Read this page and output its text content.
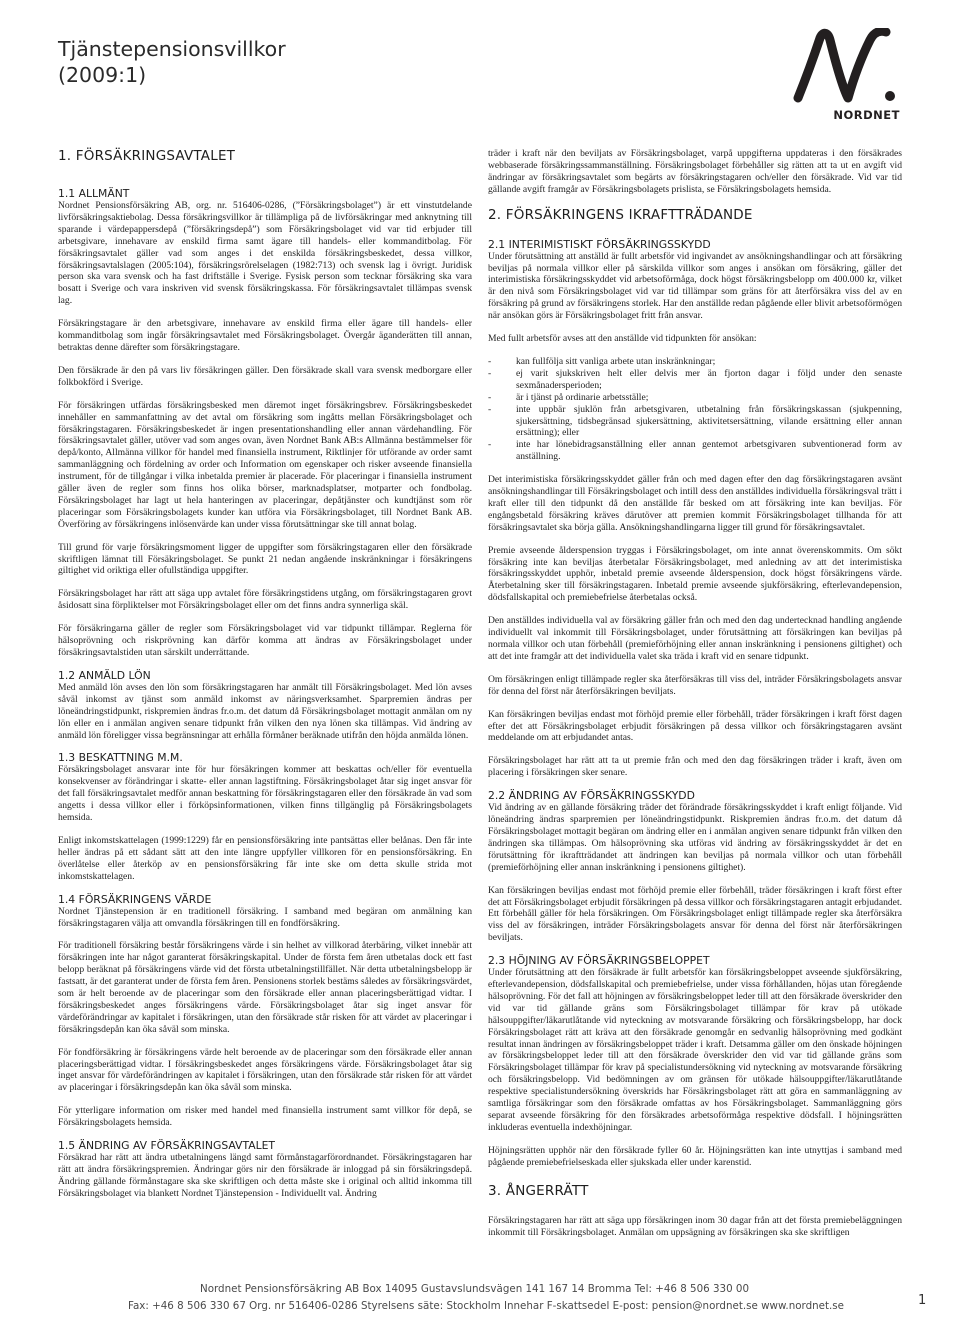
Tjänstepensionsvillkor
(2009:1)
NORDNET
1. FÖRSÄKRINGSAVTALET
1.1 ALLMÄNT

Nordnet Pensionsförsäkring AB, org. nr. 516406-0286, (”Försäkringsbolaget”) är ett vinstutdelande livförsäkringsaktiebolag. Dessa försäkringsvillkor är tillämpliga på de livförsäkringar med anknytning till sparande i värdepappersdepå (”försäkringsdepå”) som Försäkringsbolaget vid var tid erbjuder till arbetsgivare, innehavare av enskild firma samt ägare till handels- eller kommanditbolag. För försäkringsavtalet gäller vad som anges i det enskilda försäkringsbeskedet, dessa villkor, försäkringsavtalslagen (2005:104), försäkringsrörelselagen (1982:713) och svensk lag i övrigt. Juridisk person ska vara svensk och ha fast driftställe i Sverige. Fysisk person som tecknar försäkring ska vara bosatt i Sverige och vara inskriven vid svensk försäkringskassa. För försäkringsavtalet tillämpas svensk lag.

Försäkringstagare är den arbetsgivare, innehavare av enskild firma eller ägare till handels- eller kommanditbolag som ingår försäkringsavtalet med Försäkringsbolaget. Övergår äganderätten till annan, betraktas denne därefter som försäkringstagare.

Den försäkrade är den på vars liv försäkringen gäller. Den försäkrade skall vara svensk medborgare eller folkbokförd i Sverige.

För försäkringen utfärdas försäkringsbesked men däremot inget försäkringsbrev. Försäkringsbeskedet innehåller en sammanfattning av det avtal om försäkring som ingåtts mellan Försäkringsbolaget och försäkringstagaren. Försäkringsbeskedet är ingen presentationshandling eller annan värdehandling. För försäkringsavtalet gäller, utöver vad som anges ovan, även Nordnet Bank AB:s Allmänna bestämmelser för depå/konto, Allmänna villkor för handel med finansiella instrument, Riktlinjer för utförande av order samt sammanläggning och fördelning av order och Information om egenskaper och risker avseende finansiella instrument, för de tillgångar i vilka inbetalda premier är placerade. För placeringar i finansiella instrument gäller även de regler som finns hos olika börser, marknadsplatser, motparter och fondbolag. Försäkringsbolaget har lagt ut hela hanteringen av placeringar, depåtjänster och kundtjänst som rör placeringar som Försäkringsbolagets kunder kan utföra via Försäkringsbolaget, till Nordnet Bank AB. Överföring av försäkringens inlösenvärde kan under vissa förutsättningar ske till annat bolag.

Till grund för varje försäkringsmoment ligger de uppgifter som försäkringstagaren eller den försäkrade skriftligen lämnat till Försäkringsbolaget. Se punkt 21 nedan angående inskränkningar i försäkringens giltighet vid oriktiga eller ofullständiga uppgifter.

Försäkringsbolaget har rätt att säga upp avtalet före försäkringstidens utgång, om försäkringstagaren grovt åsidosatt sina förpliktelser mot Försäkringsbolaget eller om det finns andra synnerliga skäl.

För försäkringarna gäller de regler som Försäkringsbolaget vid var tidpunkt tillämpar. Reglerna för hälsoprövning och riskprövning kan därför komma att ändras av Försäkringsbolaget under försäkringsavtalstiden utan särskilt underrättande.

1.2 ANMÄLD LÖN

Med anmäld lön avses den lön som försäkringstagaren har anmält till Försäkringsbolaget. Med lön avses såväl inkomst av tjänst som anmäld inkomst av näringsverksamhet. Sparpremien ändras per löneändringstidpunkt, riskpremien ändras fr.o.m. det datum då Försäkringsbolaget mottagit anmälan om ny lön eller en i anmälan angiven senare tidpunkt från vilken den nya lönen ska tillämpas. Vid ändring av anmäld lön föreligger vissa begränsningar att erhålla förmåner beräknade utifrån den höjda anmälda lönen.

1.3 BESKATTNING M.M.

Försäkringsbolaget ansvarar inte för hur försäkringen kommer att beskattas och/eller för eventuella konsekvenser av förändringar i skatte- eller annan lagstiftning. Försäkringsbolaget åtar sig inget ansvar för det fall försäkringsavtalet medför annan beskattning för försäkringstagaren eller den försäkrade än vad som angetts i dessa villkor eller i förköpsinformationen, vilken finns tillgänglig på Försäkringsbolagets hemsida.

Enligt inkomstskattelagen (1999:1229) får en pensionsförsäkring inte pantsättas eller belånas. Den får inte heller ändras på ett sådant sätt att den inte längre uppfyller villkoren för en pensionsförsäkring. En överlåtelse eller återköp av en pensionsförsäkring får inte ske om detta skulle strida mot inkomstskattelagen.

1.4 FÖRSÄKRINGENS VÄRDE

Nordnet Tjänstepension är en traditionell försäkring. I samband med begäran om anmälning kan försäkringstagaren välja att omvandla försäkringen till en fondförsäkring.

För traditionell försäkring består försäkringens värde i sin helhet av villkorad återbäring, vilket innebär att försäkringen inte har något garanterat försäkringskapital. Under de första fem åren utbetalas dock ett fast belopp beräknat på försäkringens värde vid det första utbetalningstillfället. När detta utbetalningsbelopp är fastsatt, är det garanterat under de första fem åren. Pensionens storlek bestäms således av försäkringsvärdet, som är helt beroende av de placeringar som den försäkrade eller annan placeringsberättigad vidtar. I försäkringsbeskedet anges försäkringens värde. Försäkringsbolaget åtar sig inget ansvar för värdeförändringar av kapitalet i försäkringen, utan den försäkrade står risken för att värdet av placeringar i försäkringsdepån kan öka såväl som minska.

För fondförsäkring är försäkringens värde helt beroende av de placeringar som den försäkrade eller annan placeringsberättigad vidtar. I försäkringsbeskedet anges försäkringens värde. Försäkringsbolaget åtar sig inget ansvar för värdeförändringen av kapitalet i försäkringen, utan den försäkrade står risken för att värdet av placeringar i försäkringsdepån kan öka såväl som minska.

För ytterligare information om risker med handel med finansiella instrument samt villkor för depå, se Försäkringsbolagets hemsida.

1.5 ÄNDRING AV FÖRSÄKRINGSAVTALET

Försäkrad har rätt att ändra utbetalningens längd samt förmånstagarförordnandet. Försäkringstagaren har rätt att ändra försäkringspremien. Ändringar görs nir den försäkrade är inloggad på sin försäkringsdepå. Ändring gällande förmånstagare ska ske skriftligen och detta måste ske i original och alltid inkomma till Försäkringsbolaget via blankett Nordnet Tjänstepension - Individuellt val. Ändring

träder i kraft när den beviljats av Försäkringsbolaget, varpå uppgifterna uppdateras i den försäkrades webbaserade försäkringssammanställning. Försäkringsbolaget förbehåller sig rätten att ta ut en avgift vid ändringar av försäkringsavtalet som begärts av försäkringstagaren och/eller den försäkrade. Vid var tid gällande avgift framgår av Försäkringsbolagets prislista, se Försäkringsbolagets hemsida.

2. FÖRSÄKRINGENS IKRAFTTRÄDANDE
2.1 INTERIMISTISKT FÖRSÄKRINGSSKYDD

Under förutsättning att anställd är fullt arbetsför vid ingivandet av ansökningshandlingar och att försäkring beviljas på normala villkor eller på särskilda villkor som anges i ansökan om försäkring, gäller det interimistiska försäkringsskyddet vid arbetsoförmåga, dock högst försäkringsbelopp om 400.000 kr, vilket är den nivå som Försäkringsbolaget vid var tid tillämpar som gräns för att återförsäkra viss del av en försäkring på grund av försäkringens storlek. Har den anställde redan pågående eller blivit arbetsoförmögen när ansökan görs är Försäkringsbolaget fritt från ansvar.

Med fullt arbetsför avses att den anställde vid tidpunkten för ansökan:

- kan fullfölja sitt vanliga arbete utan inskränkningar;
- ej varit sjukskriven helt eller delvis mer än fjorton dagar i följd under den senaste sexmånadersperioden;
- är i tjänst på ordinarie arbetsställe;
- inte uppbär sjuklön från arbetsgivaren, utbetalning från försäkringskassan (sjukpenning, sjukersättning, tidsbegränsad sjukersättning, aktivitetsersättning, vilande ersättning eller annan ersättning); eller
- inte har lönebidragsanställning eller annan gentemot arbetsgivaren subventionerad form av anställning.

Det interimistiska försäkringsskyddet gäller från och med dagen efter den dag försäkringstagaren avsänt ansökningshandlingar till Försäkringsbolaget och intill dess den anställdes individuella försäkringsval trätt i kraft eller till den tidpunkt då den anställde får besked om att försäkring inte kan beviljas. För engångsbetald försäkring kräves därutöver att premien kommit Försäkringsbolaget tillhanda för att försäkringsavtalet ska börja gälla. Ansökningshandlingarna ligger till grund för försäkringsavtalet.

Premie avseende ålderspension tryggas i Försäkringsbolaget, om inte annat överenskommits. Om sökt försäkring inte kan beviljas återbetalar Försäkringsbolaget, med anledning av att det interimistiska försäkringsskyddet upphör, inbetald premie avseende ålderspension, dock högst försäkringens värde. Återbetalning sker till försäkringstagaren. Inbetald premie avseende sjukförsäkring, efterlevandepension, dödsfallskapital och premiebefrielse återbetalas också.

Den anställdes individuella val av försäkring gäller från och med den dag undertecknad handling angående individuellt val inkommit till Försäkringsbolaget, under förutsättning att försäkringen kan beviljas på normala villkor och utan förbehåll (premieförhöjning eller annan inskränkning i pensionens giltighet) och att det inte framgår att det individuella valet ska träda i kraft vid en senare tidpunkt.

Om försäkringen enligt tillämpade regler ska återförsäkras till viss del, inträder Försäkringsbolagets ansvar för denna del först när återförsäkringen beviljats.

Kan försäkringen beviljas endast mot förhöjd premie eller förbehåll, träder försäkringen i kraft först dagen efter det att Försäkringsbolaget erbjudit försäkringen på dessa villkor och försäkringstagaren avsänt meddelande om att erbjudandet antas.

Försäkringsbolaget har rätt att ta ut premie från och med den dag försäkringen träder i kraft, även om placering i försäkringen sker senare.

2.2 ÄNDRING AV FÖRSÄKRINGSSKYDD

Vid ändring av en gällande försäkring träder det förändrade försäkringsskyddet i kraft enligt följande. Vid löneändring ändras sparpremien per löneändringstidpunkt. Riskpremien ändras fr.o.m. det datum då Försäkringsbolaget mottagit begäran om ändring eller en i anmälan angiven senare tidpunkt från vilken den ändringen ska tillämpas. Om hälsoprövning ska utföras vid ändring av försäkringsskyddet är det en förutsättning för ikraftträdandet att ändringen kan beviljas på normala villkor och utan förbehåll (premieförhöjning eller annan inskränkning i pensionens giltighet).

Kan försäkringen beviljas endast mot förhöjd premie eller förbehåll, träder försäkringen i kraft först efter det att Försäkringsbolaget erbjudit försäkringen på dessa villkor och försäkringstagaren antagit erbjudandet. Ett förbehåll gäller för hela försäkringen. Om Försäkringsbolaget enligt tillämpade regler ska återförsäkra viss del av försäkringen, inträder Försäkringsbolagets ansvar för denna del först när återförsäkringen beviljats.

2.3 HÖJNING AV FÖRSÄKRINGSBELOPPET

Under förutsättning att den försäkrade är fullt arbetsför kan försäkringsbeloppet avseende sjukförsäkring, efterlevandepension, dödsfallskapital och premiebefrielse, under vissa förhållanden, höjas utan föregående hälsoprövning. För det fall att höjningen av försäkringsbeloppet leder till att den försäkrade överskrider den vid var tid gällande gräns som Försäkringsbolaget tillämpar för krav på utökade hälsouppgifter/läkarutlåtande vid nyteckning av motsvarande försäkring och försäkringsbelopp, har dock Försäkringsbolaget rätt att kräva att den försäkrade genomgår en sedvanlig hälsoprövning med godkänt resultat innan ändringen av försäkringsbeloppet träder i kraft. Detsamma gäller om den önskade höjningen av försäkringsbeloppet leder till att den försäkrade överskrider den vid var tid gällande gräns som Försäkringsbolaget tillämpar för krav på specialistundersökning vid nyteckning av motsvarande försäkring och försäkringsbelopp. Vid bedömningen av om gränsen för utökade hälsouppgifter/läkarutlåtande respektive specialistundersökning överskrids har Försäkringsbolaget rätt att göra en sammanläggning av samtliga försäkringar som den försäkrade omfattas av hos Försäkringsbolaget. Sammanläggning görs separat avseende försäkring för den försäkrades arbetsoförmåga respektive dödsfall. I höjningsrätten inkluderas eventuella indexhöjningar.

Höjningsrätten upphör när den försäkrade fyller 60 år. Höjningsrätten kan inte utnyttjas i samband med pågående premiebefrielseskada eller sjukskada eller under karenstid.

3. ÅNGERRÄTT

Försäkringstagaren har rätt att säga upp försäkringen inom 30 dagar från att det första premiebeläggningen inkommit till Försäkringsbolaget. Anmälan om uppsägning av försäkringen ska ske skriftligen

Nordnet Pensionsförsäkring AB Box 14095 Gustavslundsvägen 141 167 14 Bromma Tel: +46 8 506 330 00
Fax: +46 8 506 330 67 Org. nr 516406-0286 Styrelsens säte: Stockholm Innehar F-skattsedel E-post: pension@nordnet.se www.nordnet.se	1
